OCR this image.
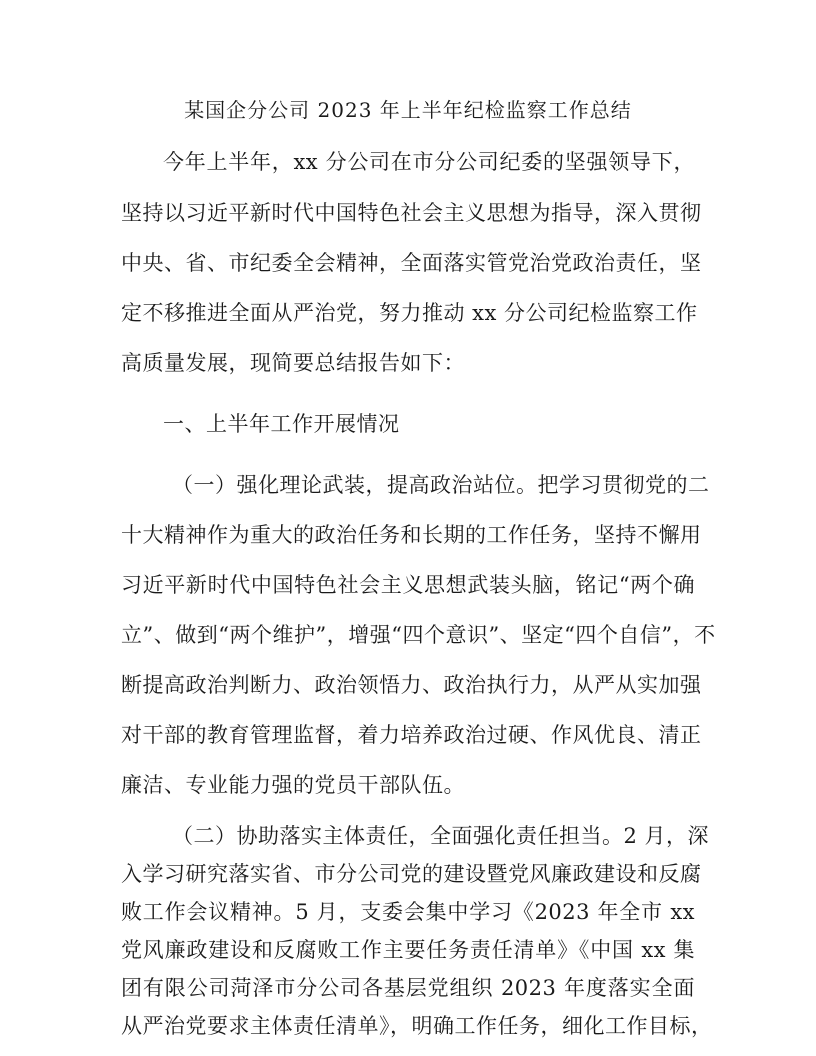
某国企分公司 2023 年上半年纪检监察工作总结
今年上半年，xx 分公司在市分公司纪委的坚强领导下，
坚持以习近平新时代中国特色社会主义思想为指导，深入贯彻
中央、省、市纪委全会精神，全面落实管党治党政治责任，坚
定不移推进全面从严治党，努力推动 xx 分公司纪检监察工作
高质量发展，现简要总结报告如下：
一、上半年工作开展情况
（一）强化理论武装，提高政治站位。把学习贯彻党的二
十大精神作为重大的政治任务和长期的工作任务，坚持不懈用
习近平新时代中国特色社会主义思想武装头脑，铭记“两个确
立”、做到“两个维护”，增强“四个意识”、坚定“四个自信”，不
断提高政治判断力、政治领悟力、政治执行力，从严从实加强
对干部的教育管理监督，着力培养政治过硬、作风优良、清正
廉洁、专业能力强的党员干部队伍。
（二）协助落实主体责任，全面强化责任担当。2 月，深
入学习研究落实省、市分公司党的建设暨党风廉政建设和反腐
败工作会议精神。5 月，支委会集中学习《2023 年全市 xx
党风廉政建设和反腐败工作主要任务责任清单》《中国 xx 集
团有限公司菏泽市分公司各基层党组织 2023 年度落实全面
从严治党要求主体责任清单》，明确工作任务，细化工作目标，
